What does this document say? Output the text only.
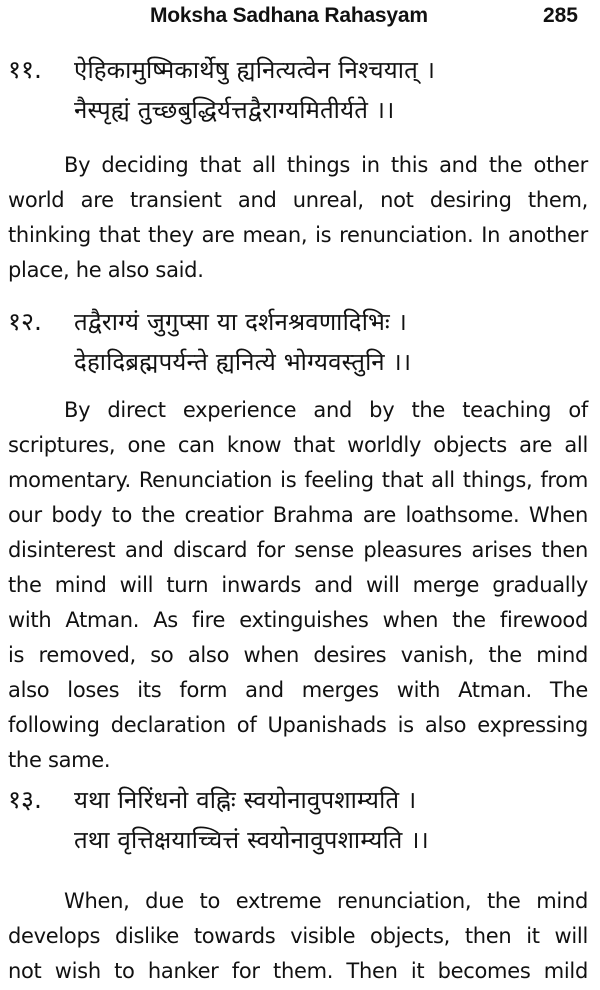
Moksha Sadhana Rahasyam	285
११. ऐहिकामुष्मिकार्थेषु ह्यनित्यत्वेन निश्चयात् ।
नैस्पृह्यं तुच्छबुद्धिर्यत्तद्वैराग्यमितीर्यते ।।
By deciding that all things in this and the other
world are transient and unreal, not desiring them,
thinking that they are mean, is renunciation. In another
place, he also said.
१२. तद्वैराग्यं जुगुप्सा या दर्शनश्रवणादिभिः ।
देहादिब्रह्मपर्यन्ते ह्यनित्ये भोग्यवस्तुनि ।।
By direct experience and by the teaching of
scriptures, one can know that worldly objects are all
momentary. Renunciation is feeling that all things, from
our body to the creatior Brahma are loathsome. When
disinterest and discard for sense pleasures arises then
the mind will turn inwards and will merge gradually
with Atman. As fire extinguishes when the firewood
is removed, so also when desires vanish, the mind
also loses its form and merges with Atman. The
following declaration of Upanishads is also expressing
the same.
१३. यथा निरिंधनो वह्निः स्वयोनावुपशाम्यति ।
तथा वृत्तिक्षयाच्चित्तं स्वयोनावुपशाम्यति ।।
When, due to extreme renunciation, the mind
develops dislike towards visible objects, then it will
not wish to hanker for them. Then it becomes mild
